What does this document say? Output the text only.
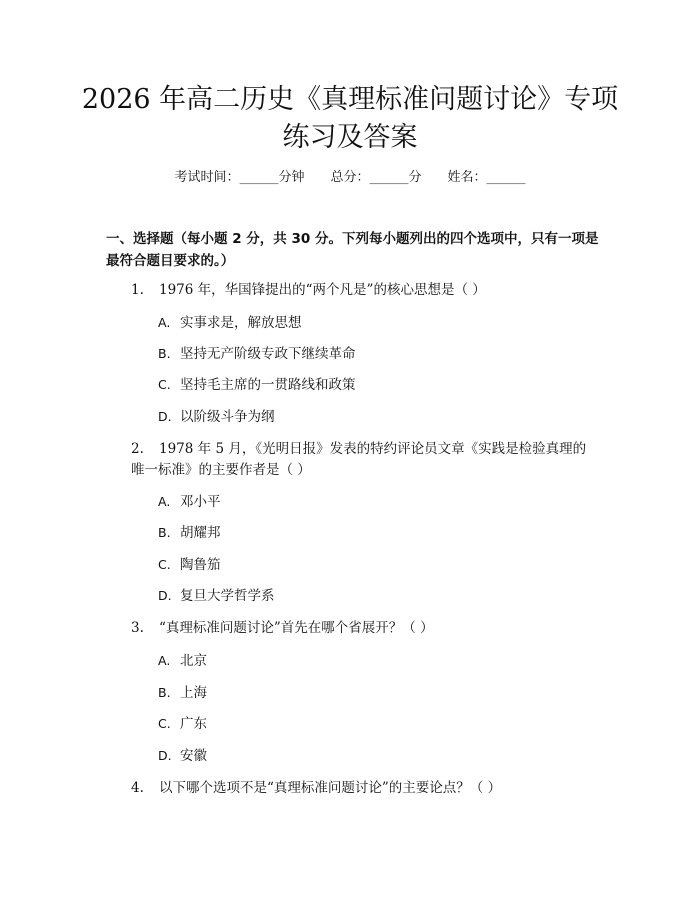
2026 年高二历史《真理标准问题讨论》专项
练习及答案
考试时间：______分钟 总分：______分 姓名：______
一、选择题（每小题 2 分，共 30 分。下列每小题列出的四个选项中，只有一项是
最符合题目要求的。）
1. 1976 年，华国锋提出的“两个凡是”的核心思想是（ ）
A. 实事求是，解放思想
B. 坚持无产阶级专政下继续革命
C. 坚持毛主席的一贯路线和政策
D. 以阶级斗争为纲
2. 1978 年 5 月，《光明日报》发表的特约评论员文章《实践是检验真理的
唯一标准》的主要作者是（ ）
A. 邓小平
B. 胡耀邦
C. 陶鲁笳
D. 复旦大学哲学系
3. “真理标准问题讨论”首先在哪个省展开？（ ）
A. 北京
B. 上海
C. 广东
D. 安徽
4. 以下哪个选项不是“真理标准问题讨论”的主要论点？（ ）
